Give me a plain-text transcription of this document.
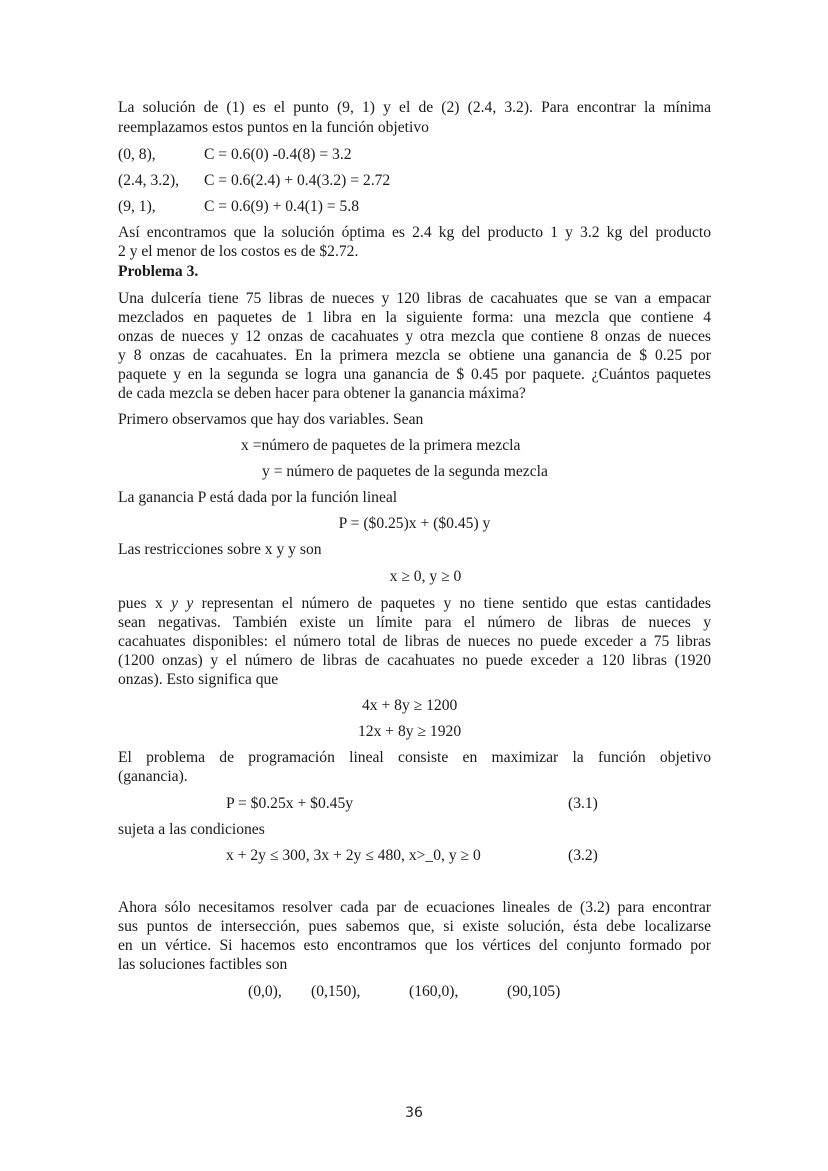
La solución de (1) es el punto (9, 1) y el de (2) (2.4, 3.2). Para encontrar la mínima
reemplazamos estos puntos en la función objetivo
(0, 8),	C = 0.6(0) -0.4(8) = 3.2
(2.4, 3.2), C = 0.6(2.4) + 0.4(3.2) = 2.72
(9, 1),	C = 0.6(9) + 0.4(1) = 5.8
Así encontramos que la solución óptima es 2.4 kg del producto 1 y 3.2 kg del producto
2 y el menor de los costos es de $2.72.
Problema 3.
Una dulcería tiene 75 libras de nueces y 120 libras de cacahuates que se van a empacar
mezclados en paquetes de 1 libra en la siguiente forma: una mezcla que contiene 4
onzas de nueces y 12 onzas de cacahuates y otra mezcla que contiene 8 onzas de nueces
y 8 onzas de cacahuates. En la primera mezcla se obtiene una ganancia de $ 0.25 por
paquete y en la segunda se logra una ganancia de $ 0.45 por paquete. ¿Cuántos paquetes
de cada mezcla se deben hacer para obtener la ganancia máxima?
Primero observamos que hay dos variables. Sean
x =número de paquetes de la primera mezcla
y = número de paquetes de la segunda mezcla
La ganancia P está dada por la función lineal
P = ($0.25)x + ($0.45) y
Las restricciones sobre x y y son
x ≥ 0, y ≥ 0
pues x y y representan el número de paquetes y no tiene sentido que estas cantidades
sean negativas. También existe un límite para el número de libras de nueces y
cacahuates disponibles: el número total de libras de nueces no puede exceder a 75 libras
(1200 onzas) y el número de libras de cacahuates no puede exceder a 120 libras (1920
onzas). Esto significa que
4x + 8y ≥ 1200
12x + 8y ≥ 1920
El problema de programación lineal consiste en maximizar la función objetivo
(ganancia).
P = $0.25x + $0.45y	(3.1)
sujeta a las condiciones
x + 2y ≤ 300, 3x + 2y ≤ 480, x>_0, y ≥ 0	(3.2)
Ahora sólo necesitamos resolver cada par de ecuaciones lineales de (3.2) para encontrar
sus puntos de intersección, pues sabemos que, si existe solución, ésta debe localizarse
en un vértice. Si hacemos esto encontramos que los vértices del conjunto formado por
las soluciones factibles son
(0,0), (0,150),	(160,0),	(90,105)
36
